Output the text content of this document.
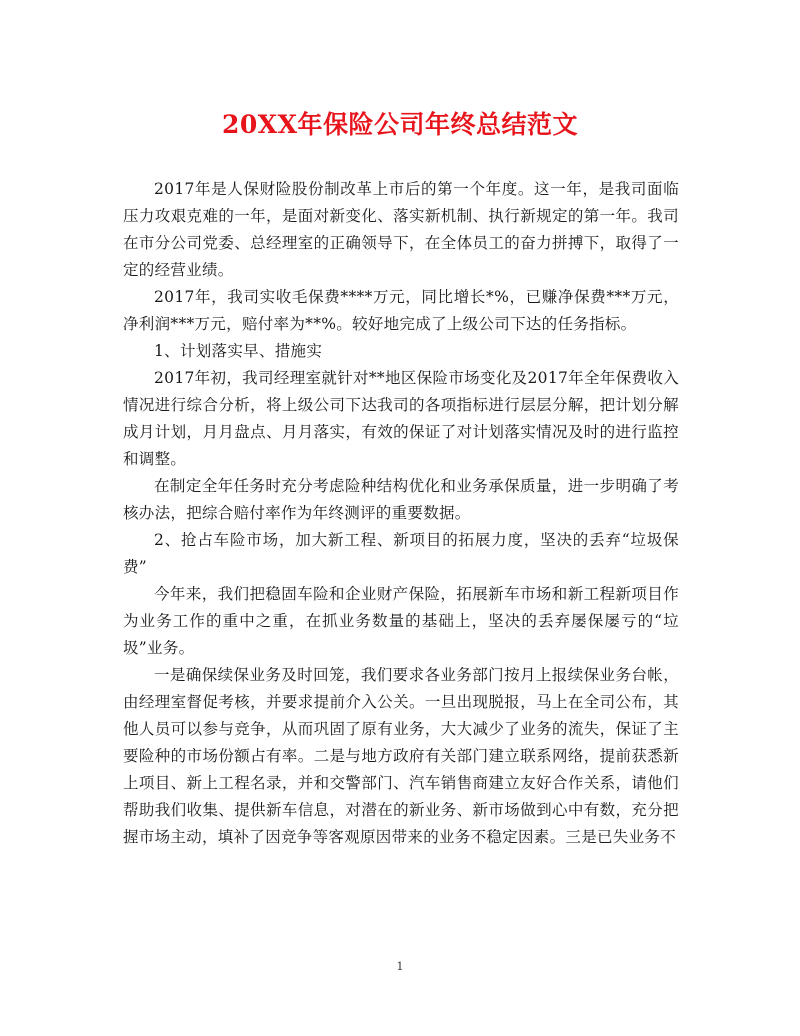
20XX年保险公司年终总结范文

2017年是人保财险股份制改革上市后的第一个年度。这一年，是我司面临压力攻艰克难的一年，是面对新变化、落实新机制、执行新规定的第一年。我司在市分公司党委、总经理室的正确领导下，在全体员工的奋力拼搏下，取得了一定的经营业绩。

2017年，我司实收毛保费****万元，同比增长*%，已赚净保费***万元，净利润***万元，赔付率为**%。较好地完成了上级公司下达的任务指标。

1、计划落实早、措施实

2017年初，我司经理室就针对**地区保险市场变化及2017年全年保费收入情况进行综合分析，将上级公司下达我司的各项指标进行层层分解，把计划分解成月计划，月月盘点、月月落实，有效的保证了对计划落实情况及时的进行监控和调整。

在制定全年任务时充分考虑险种结构优化和业务承保质量，进一步明确了考核办法，把综合赔付率作为年终测评的重要数据。

2、抢占车险市场，加大新工程、新项目的拓展力度，坚决的丢弃“垃圾保费”

今年来，我们把稳固车险和企业财产保险，拓展新车市场和新工程新项目作为业务工作的重中之重，在抓业务数量的基础上，坚决的丢弃屡保屡亏的“垃圾”业务。

一是确保续保业务及时回笼，我们要求各业务部门按月上报续保业务台帐，由经理室督促考核，并要求提前介入公关。一旦出现脱报，马上在全司公布，其他人员可以参与竞争，从而巩固了原有业务，大大减少了业务的流失，保证了主要险种的市场份额占有率。二是与地方政府有关部门建立联系网络，提前获悉新上项目、新上工程名录，并和交警部门、汽车销售商建立友好合作关系，请他们帮助我们收集、提供新车信息，对潜在的新业务、新市场做到心中有数，充分把握市场主动，填补了因竞争等客观原因带来的业务不稳定因素。三是已失业务不

1
